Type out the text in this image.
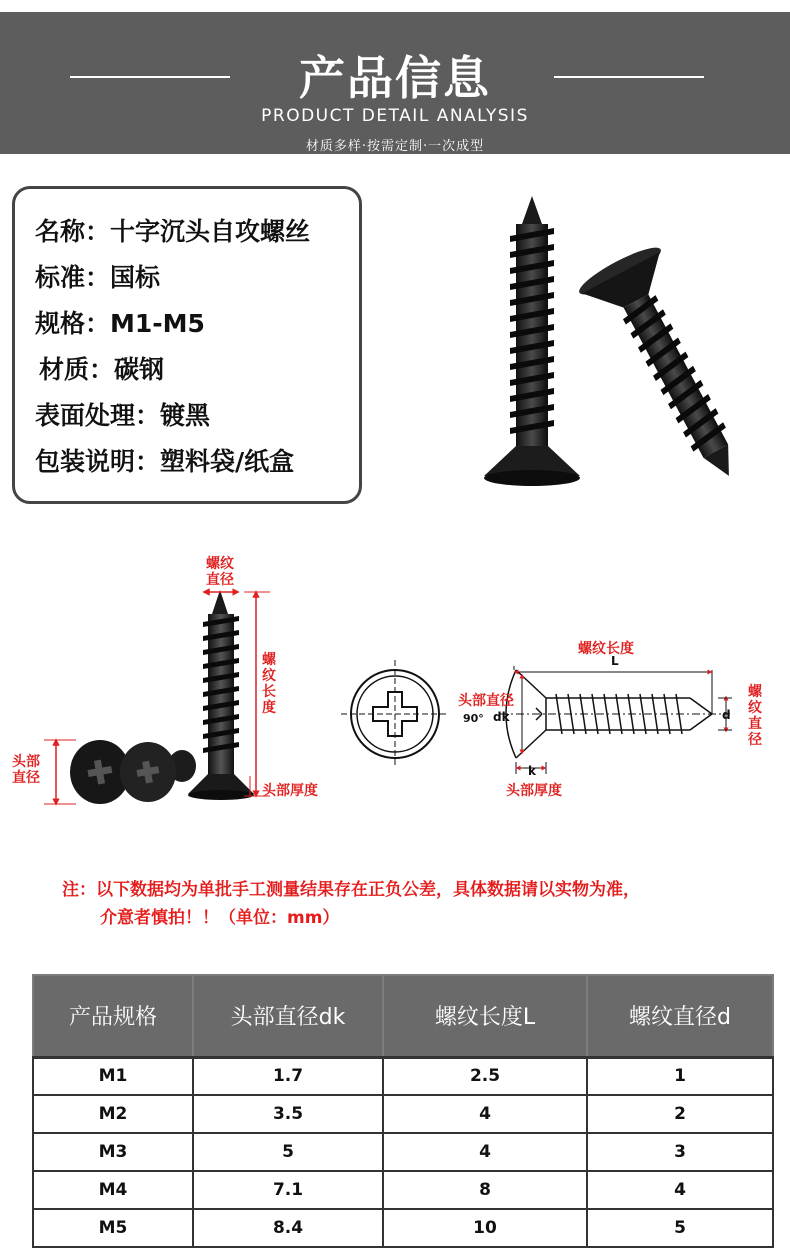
产品信息
PRODUCT DETAIL ANALYSIS
材质多样·按需定制·一次成型
名称：十字沉头自攻螺丝
标准：国标
规格：M1-M5
材质：碳钢
表面处理：镀黑
包装说明：塑料袋/纸盒
螺纹
直径
螺
纹
长
度
头部
直径
头部厚度
螺纹长度
L
头部直径
90° dk	d
k
头部厚度
螺
纹
直
径
注：以下数据均为单批手工测量结果存在正负公差，具体数据请以实物为准，
介意者慎拍！！（单位：mm）
产品规格	头部直径dk	螺纹长度L	螺纹直径d
M1	1.7	2.5	1
M2	3.5	4	2
M3	5	4	3
M4	7.1	8	4
M5	8.4	10	5
